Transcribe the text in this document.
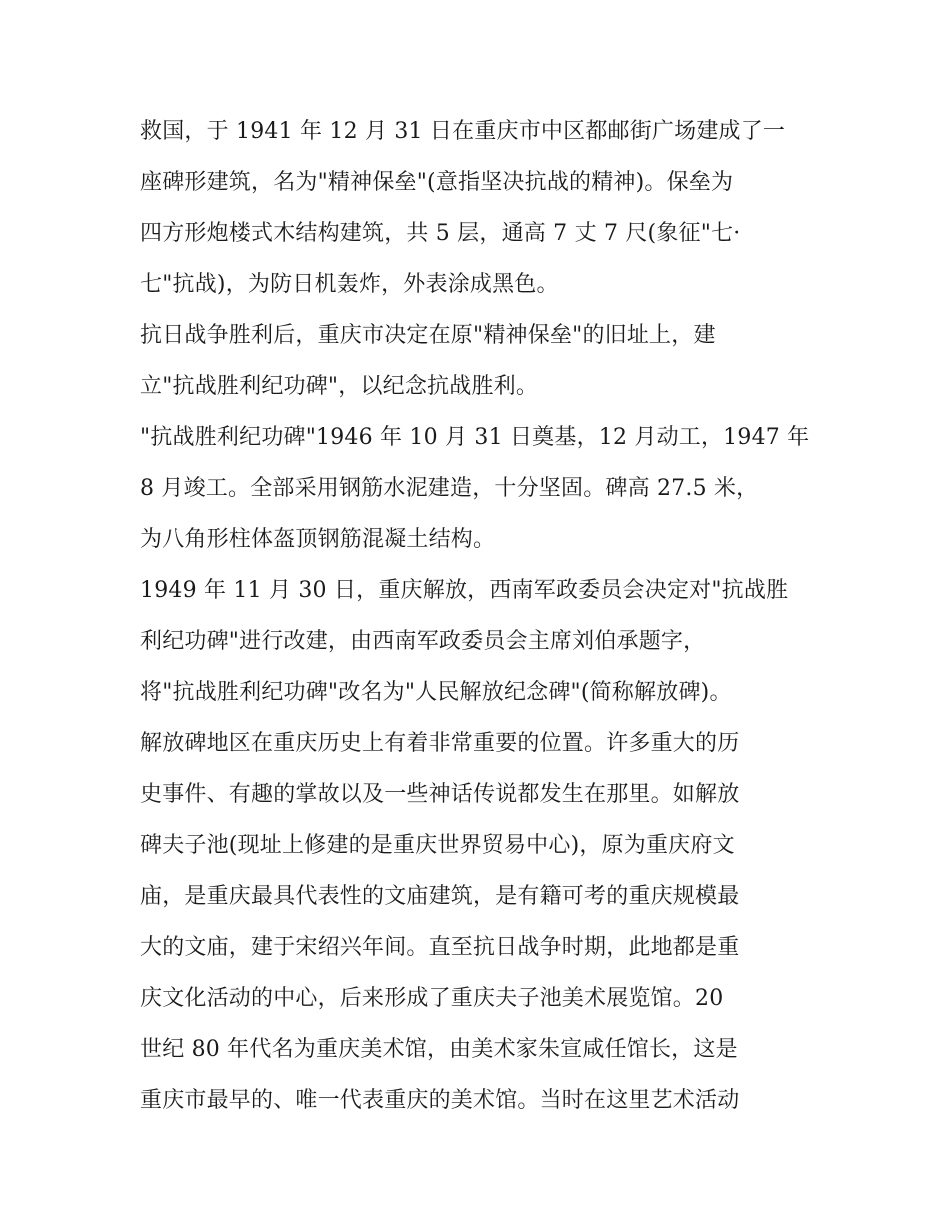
救国，于 1941 年 12 月 31 日在重庆市中区都邮街广场建成了一
座碑形建筑，名为"精神保垒"(意指坚决抗战的精神)。保垒为
四方形炮楼式木结构建筑，共 5 层，通高 7 丈 7 尺(象征"七·
七"抗战)，为防日机轰炸，外表涂成黑色。
抗日战争胜利后，重庆市决定在原"精神保垒"的旧址上，建
立"抗战胜利纪功碑"，以纪念抗战胜利。
"抗战胜利纪功碑"1946 年 10 月 31 日奠基，12 月动工，1947 年
8 月竣工。全部采用钢筋水泥建造，十分坚固。碑高 27.5 米，
为八角形柱体盔顶钢筋混凝土结构。
1949 年 11 月 30 日，重庆解放，西南军政委员会决定对"抗战胜
利纪功碑"进行改建，由西南军政委员会主席刘伯承题字，
将"抗战胜利纪功碑"改名为"人民解放纪念碑"(简称解放碑)。
解放碑地区在重庆历史上有着非常重要的位置。许多重大的历
史事件、有趣的掌故以及一些神话传说都发生在那里。如解放
碑夫子池(现址上修建的是重庆世界贸易中心)，原为重庆府文
庙，是重庆最具代表性的文庙建筑，是有籍可考的重庆规模最
大的文庙，建于宋绍兴年间。直至抗日战争时期，此地都是重
庆文化活动的中心，后来形成了重庆夫子池美术展览馆。20
世纪 80 年代名为重庆美术馆，由美术家朱宣咸任馆长，这是
重庆市最早的、唯一代表重庆的美术馆。当时在这里艺术活动
